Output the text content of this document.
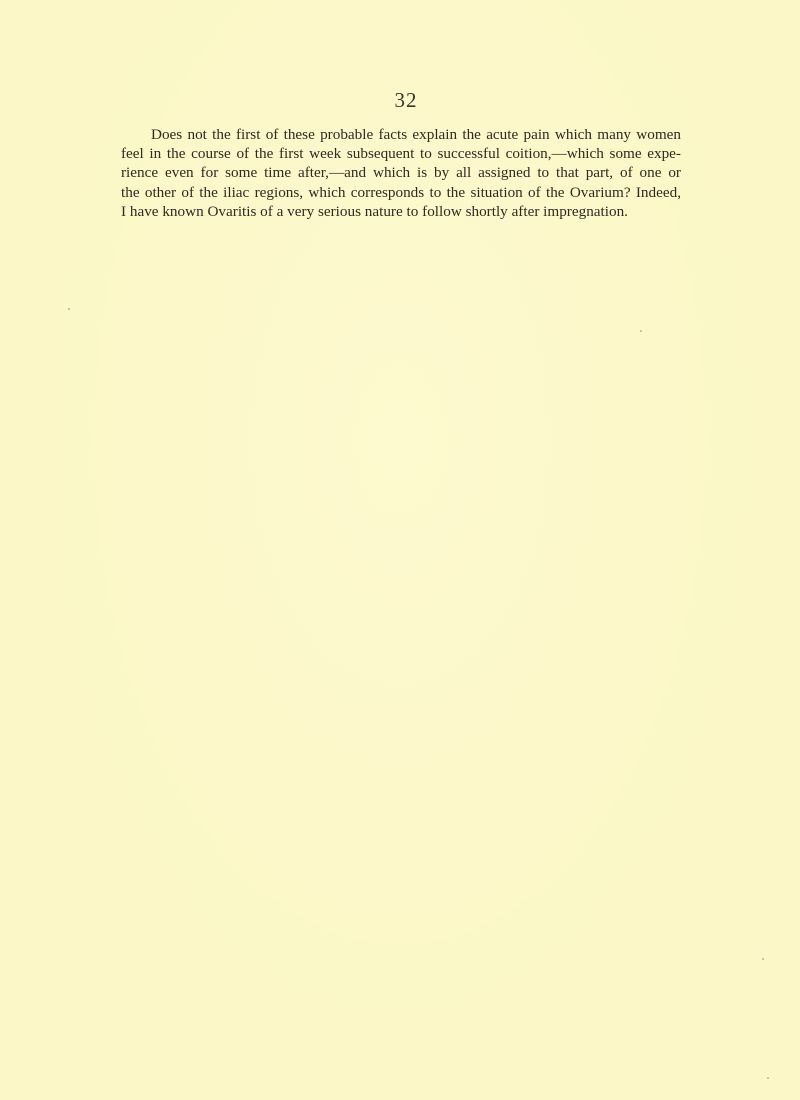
32
Does not the first of these probable facts explain the acute pain which many women
feel in the course of the first week subsequent to successful coition,—which some expe-
rience even for some time after,—and which is by all assigned to that part, of one or
the other of the iliac regions, which corresponds to the situation of the Ovarium? Indeed,
I have known Ovaritis of a very serious nature to follow shortly after impregnation.
